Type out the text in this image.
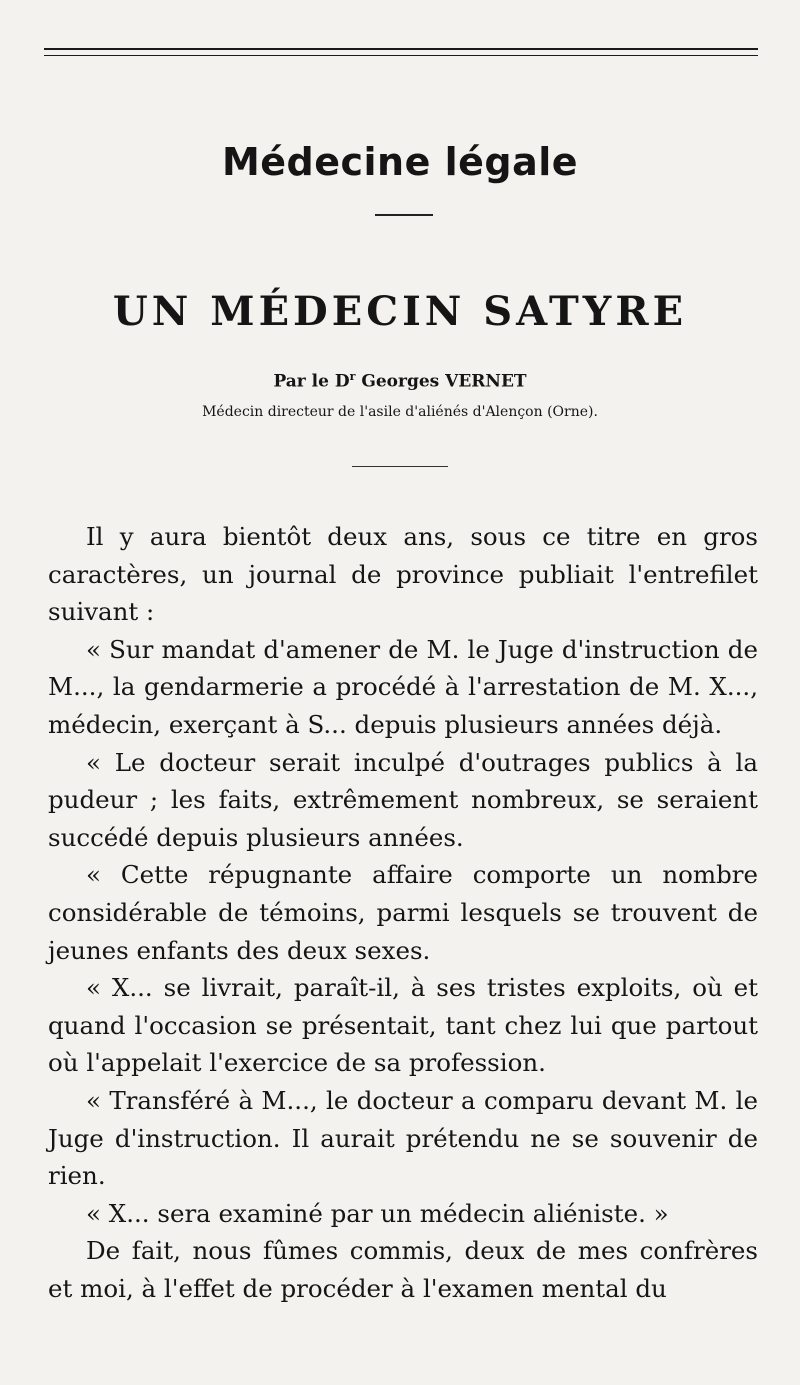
Médecine légale
UN MÉDECIN SATYRE
Par le $D^r$ Georges VERNET
Médecin directeur de l'asile d'aliénés d'Alençon (Orne).

Il y aura bientôt deux ans, sous ce titre en gros caractères, un journal de province publiait l'entrefilet suivant :

« Sur mandat d'amener de M. le Juge d'instruction de M..., la gendarmerie a procédé à l'arrestation de M. X..., médecin, exerçant à S... depuis plusieurs années déjà.

« Le docteur serait inculpé d'outrages publics à la pudeur ; les faits, extrêmement nombreux, se seraient succédé depuis plusieurs années.

« Cette répugnante affaire comporte un nombre considérable de témoins, parmi lesquels se trouvent de jeunes enfants des deux sexes.

« X... se livrait, paraît-il, à ses tristes exploits, où et quand l'occasion se présentait, tant chez lui que partout où l'appelait l'exercice de sa profession.

« Transféré à M..., le docteur a comparu devant M. le Juge d'instruction. Il aurait prétendu ne se souvenir de rien.

« X... sera examiné par un médecin aliéniste. »

De fait, nous fûmes commis, deux de mes confrères et moi, à l'effet de procéder à l'examen mental du
